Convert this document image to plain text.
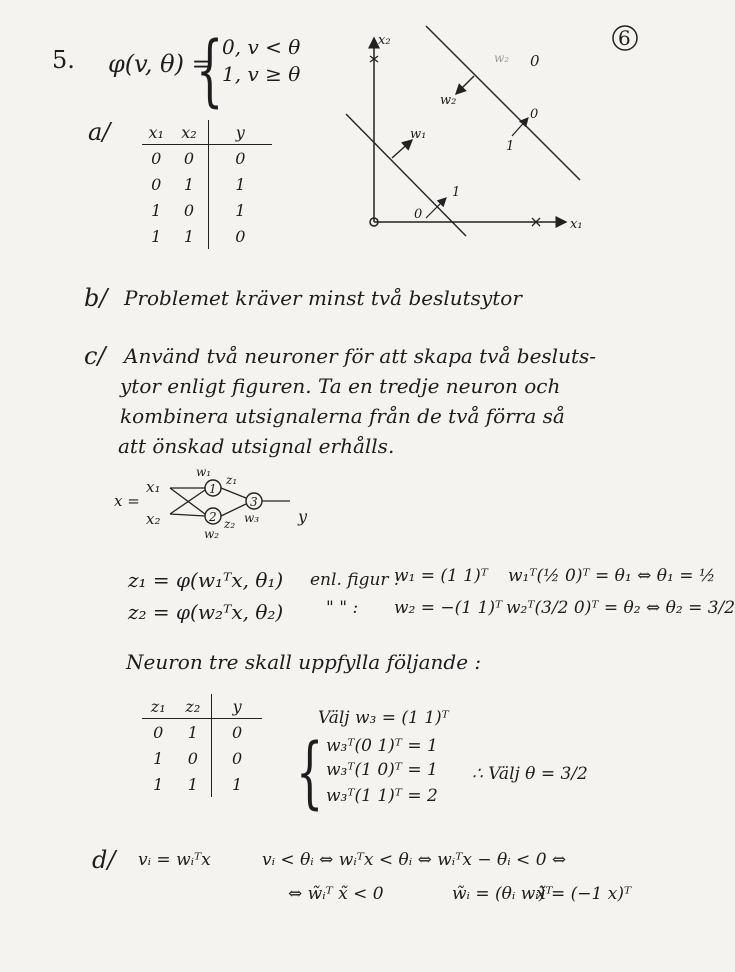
6
5. φ(v, θ) =
{
0, v < θ
1, v ≥ θ
a/ x₁	x₂	y
0	0	0
0	1	1
1	0	1
1	1	0
x₂
x₁
w₁
w₂
w₂
1
0
1
0
0
b/ Problemet kräver minst två beslutsytor
c/ Använd två neuroner för att skapa två besluts-
ytor enligt figuren. Ta en tredje neuron och
kombinera utsignalerna från de två förra så
att önskad utsignal erhålls.
1
2
3
x =
x₁
x₂
w₁
w₂
w₃
z₁
z₂	y
z₁ = φ(w₁ᵀx, θ₁)
z₂ = φ(w₂ᵀx, θ₂)
enl. figur :
w₁ = (1 1)ᵀ w₁ᵀ(½ 0)ᵀ = θ₁ ⇔ θ₁ = ½
" " : w₂ = −(1 1)ᵀ w₂ᵀ(3/2 0)ᵀ = θ₂ ⇔ θ₂ = 3/2
Neuron tre skall uppfylla följande :
z₁	z₂	y
0	1	0
1	0	0
1	1	1
Välj w₃ = (1 1)ᵀ
{ w₃ᵀ(0 1)ᵀ = 1
w₃ᵀ(1 0)ᵀ = 1
w₃ᵀ(1 1)ᵀ = 2
∴ Välj θ = 3/2
d/ vᵢ = wᵢᵀx	vᵢ < θᵢ ⇔ wᵢᵀx < θᵢ ⇔ wᵢᵀx − θᵢ < 0 ⇔
⇔ w̃ᵢᵀ x̃ < 0	w̃ᵢ = (θᵢ wᵢ)ᵀ
x̃ = (−1 x)ᵀ
